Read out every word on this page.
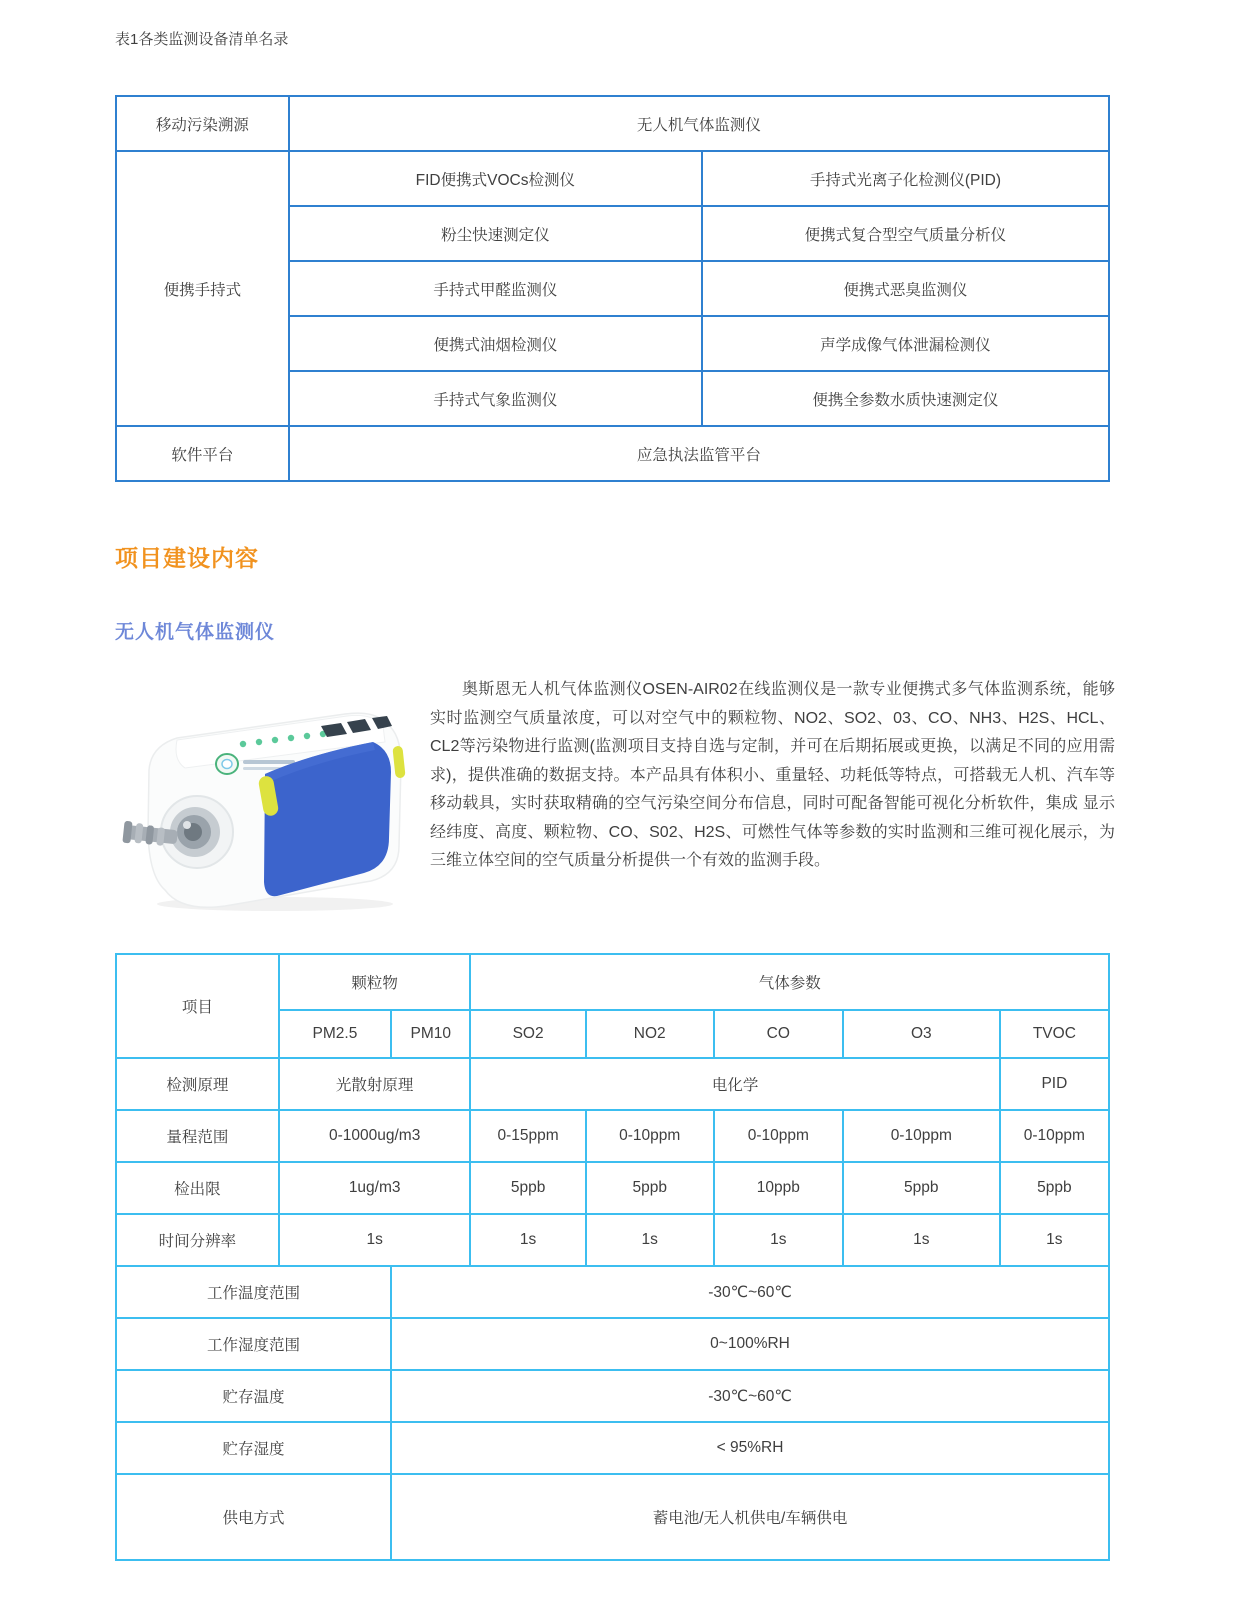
表1各类监测设备清单名录
移动污染溯源	无人机气体监测仪	
便携手持式	FID便携式VOCs检测仪	手持式光离子化检测仪(PID)
	粉尘快速测定仪	便携式复合型空气质量分析仪
	手持式甲醛监测仪	便携式恶臭监测仪
	便携式油烟检测仪	声学成像气体泄漏检测仪
	手持式气象监测仪	便携全参数水质快速测定仪
软件平台	应急执法监管平台	
项目建设内容
无人机气体监测仪

奥斯恩无人机气体监测仪OSEN-AIR02在线监测仪是一款专业便携式多气体监测系统，能够实时监测空气质量浓度，可以对空气中的颗粒物、NO2、SO2、03、CO、NH3、H2S、HCL、CL2等污染物进行监测(监测项目支持自选与定制，并可在后期拓展或更换，以满足不同的应用需求)，提供准确的数据支持。本产品具有体积小、重量轻、功耗低等特点，可搭载无人机、汽车等 移动载具，实时获取精确的空气污染空间分布信息，同时可配备智能可视化分析软件，集成 显示经纬度、高度、颗粒物、CO、S02、H2S、可燃性气体等参数的实时监测和三维可视化展示，为三维立体空间的空气质量分析提供一个有效的监测手段。

项目	颗粒物		气体参数				
	PM2.5	PM10	SO2	NO2	CO	O3	TVOC
检测原理	光散射原理		电化学				PID
量程范围	0-1000ug/m3		0-15ppm	0-10ppm	0-10ppm	0-10ppm	0-10ppm
检出限	1ug/m3		5ppb	5ppb	10ppb	5ppb	5ppb
时间分辨率	1s		1s	1s	1s	1s	1s
工作温度范围		-30℃~60℃					
工作湿度范围		0~100%RH					
贮存温度		-30℃~60℃					
贮存湿度		< 95%RH					
供电方式		蓄电池/无人机供电/车辆供电					
